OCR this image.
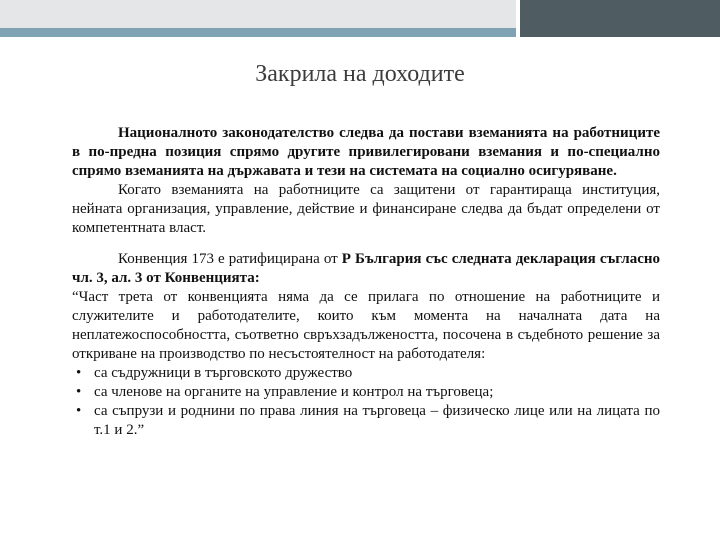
Закрила на доходите

Националното законодателство следва да постави вземанията на работниците в по-предна позиция спрямо другите привилегировани вземания и по-специално спрямо вземанията на държавата и тези на системата на социално осигуряване.

Когато вземанията на работниците са защитени от гарантираща институция, нейната организация, управление, действие и финансиране следва да бъдат определени от компетентната власт.

Конвенция 173 е ратифицирана от Р България със следната декларация съгласно чл. 3, ал. 3 от Конвенцията:

“Част трета от конвенцията няма да се прилага по отношение на работниците и служителите и работодателите, които към момента на началната дата на неплатежоспособността, съответно свръхзадължеността, посочена в съдебното решение за откриване на производство по несъстоятелност на работодателя:

• са съдружници в търговското дружество
• са членове на органите на управление и контрол на търговеца;
• са съпрузи и роднини по права линия на търговеца – физическо лице или на лицата по т.1 и 2.”
